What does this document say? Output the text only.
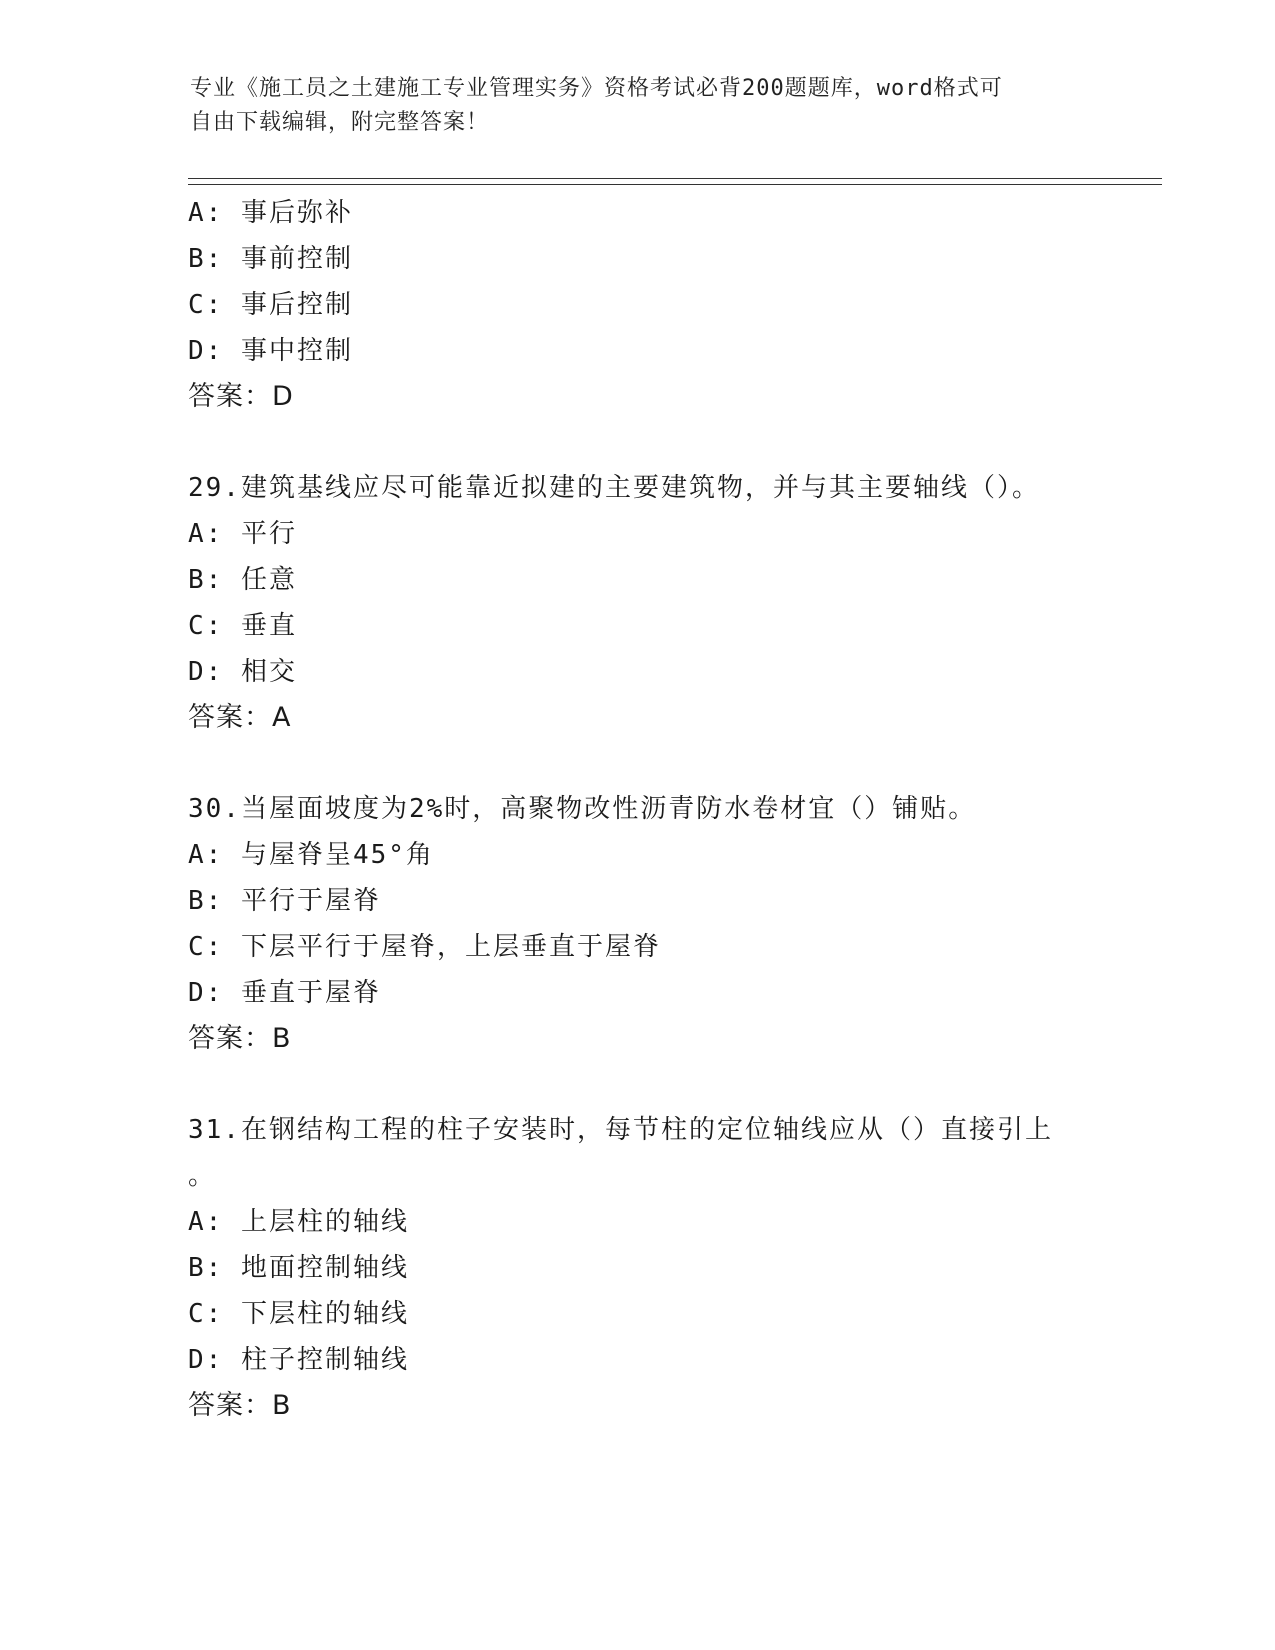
专业《施工员之土建施工专业管理实务》资格考试必背200题题库，word格式可
自由下载编辑，附完整答案！
A: 事后弥补
B: 事前控制
C: 事后控制
D: 事中控制
答案：D
29.建筑基线应尽可能靠近拟建的主要建筑物，并与其主要轴线（）。
A: 平行
B: 任意
C: 垂直
D: 相交
答案：A
30.当屋面坡度为2%时，高聚物改性沥青防水卷材宜（）铺贴。
A: 与屋脊呈45°角
B: 平行于屋脊
C: 下层平行于屋脊，上层垂直于屋脊
D: 垂直于屋脊
答案：B
31.在钢结构工程的柱子安装时，每节柱的定位轴线应从（）直接引上
。
A: 上层柱的轴线
B: 地面控制轴线
C: 下层柱的轴线
D: 柱子控制轴线
答案：B
